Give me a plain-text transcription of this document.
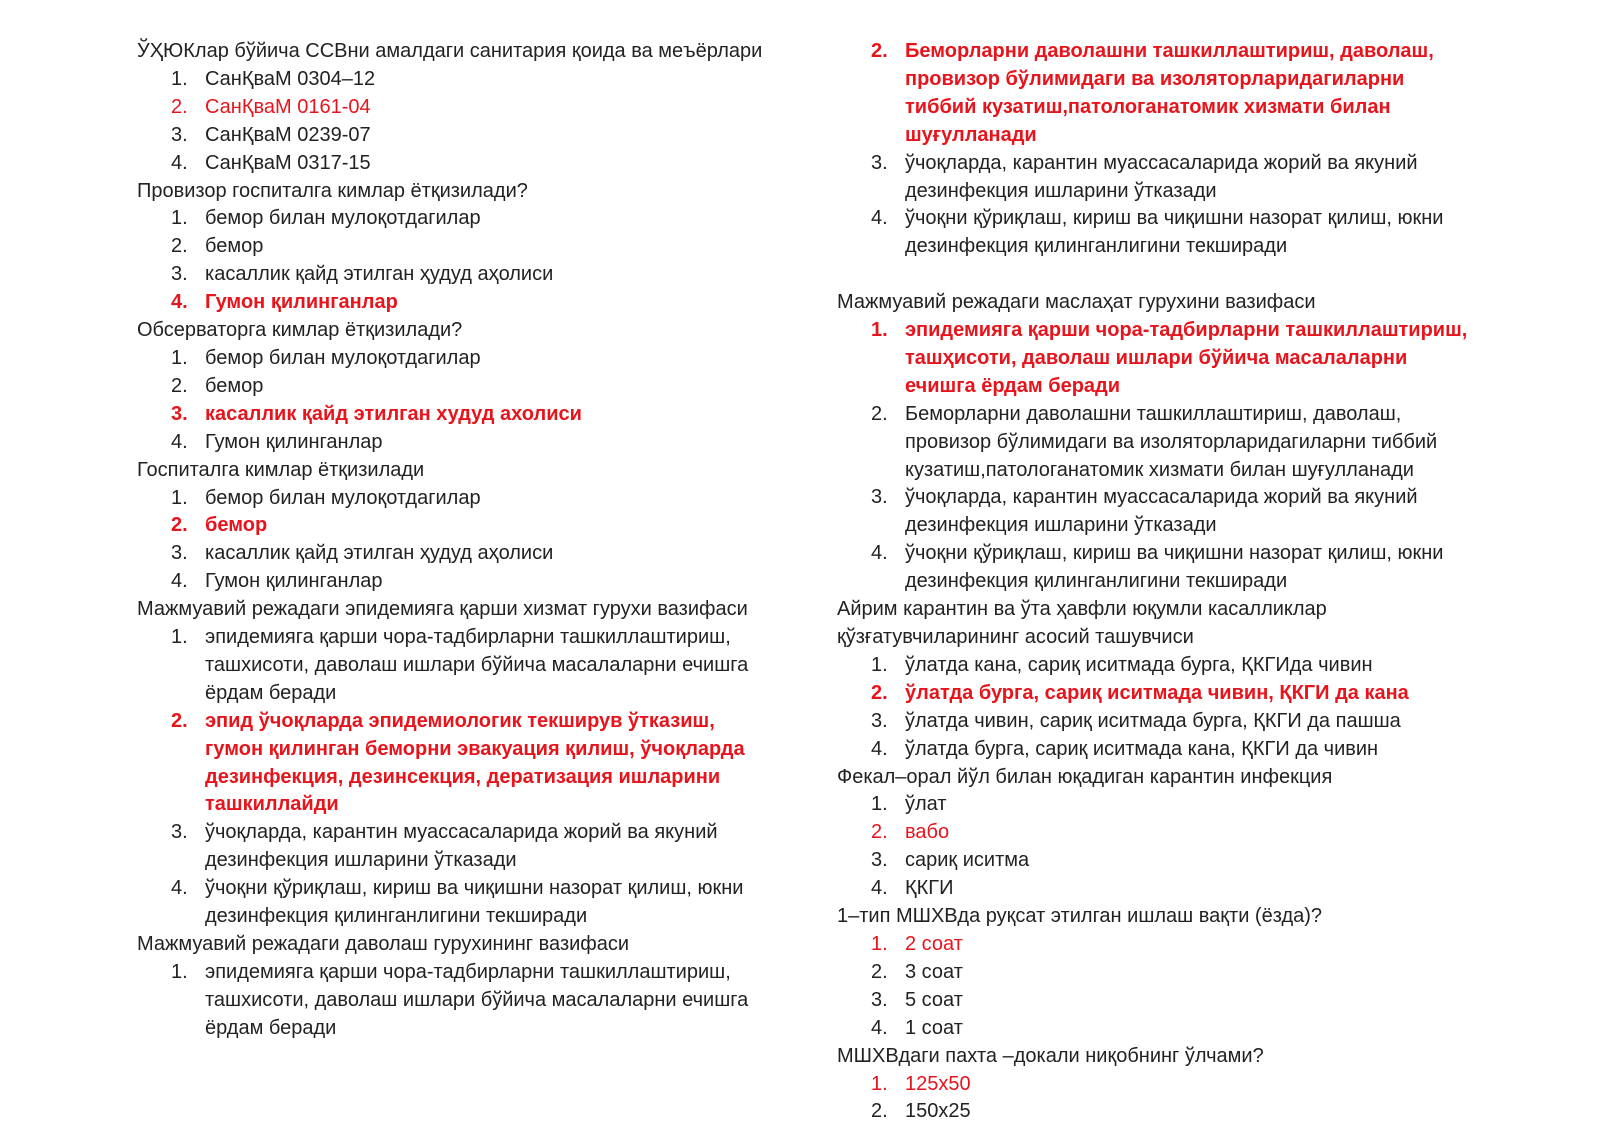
ЎҲЮКлар бўйича ССВни амалдаги санитария қоида ва меъёрлари

1. СанҚваМ 0304–12
2. СанҚваМ 0161-04
3. СанҚваМ 0239-07
4. СанҚваМ 0317-15

Провизор госпиталга кимлар ётқизилади?

1. бемор билан мулоқотдагилар
2. бемор
3. касаллик қайд этилган ҳудуд аҳолиси
4. Гумон қилинганлар

Обсерваторга кимлар ётқизилади?

1. бемор билан мулоқотдагилар
2. бемор
3. касаллик қайд этилган худуд ахолиси
4. Гумон қилинганлар

Госпиталга кимлар ётқизилади

1. бемор билан мулоқотдагилар
2. бемор
3. касаллик қайд этилган ҳудуд аҳолиси
4. Гумон қилинганлар

Мажмуавий режадаги эпидемияга қарши хизмат гурухи вазифаси

1. эпидемияга қарши чора-тадбирларни ташкиллаштириш, ташхисоти, даволаш ишлари бўйича масалаларни ечишга ёрдам беради
2. эпид ўчоқларда эпидемиологик текширув ўтказиш, гумон қилинган беморни эвакуация қилиш, ўчоқларда дезинфекция, дезинсекция, дератизация ишларини ташкиллайди
3. ўчоқларда, карантин муассасаларида жорий ва якуний дезинфекция ишларини ўтказади
4. ўчоқни қўриқлаш, кириш ва чиқишни назорат қилиш, юкни дезинфекция қилинганлигини текширади

Мажмуавий режадаги даволаш гурухининг вазифаси

1. эпидемияга қарши чора-тадбирларни ташкиллаштириш, ташхисоти, даволаш ишлари бўйича масалаларни ечишга ёрдам беради
2. Беморларни даволашни ташкиллаштириш, даволаш, провизор бўлимидаги ва изоляторларидагиларни тиббий кузатиш,патологанатомик хизмати билан шуғулланади
3. ўчоқларда, карантин муассасаларида жорий ва якуний дезинфекция ишларини ўтказади
4. ўчоқни қўриқлаш, кириш ва чиқишни назорат қилиш, юкни дезинфекция қилинганлигини текширади

Мажмуавий режадаги маслаҳат гурухини вазифаси

1. эпидемияга қарши чора-тадбирларни ташкиллаштириш, ташҳисоти, даволаш ишлари бўйича масалаларни ечишга ёрдам беради
2. Беморларни даволашни ташкиллаштириш, даволаш, провизор бўлимидаги ва изоляторларидагиларни тиббий кузатиш,патологанатомик хизмати билан шуғулланади
3. ўчоқларда, карантин муассасаларида жорий ва якуний дезинфекция ишларини ўтказади
4. ўчоқни қўриқлаш, кириш ва чиқишни назорат қилиш, юкни дезинфекция қилинганлигини текширади

Айрим карантин ва ўта ҳавфли юқумли касалликлар қўзғатувчиларининг асосий ташувчиси

1. ўлатда кана, сариқ иситмада бурга, ҚКГИда чивин
2. ўлатда бурга, сариқ иситмада чивин, ҚКГИ да кана
3. ўлатда чивин, сариқ иситмада бурга, ҚКГИ да пашша
4. ўлатда бурга, сариқ иситмада кана, ҚКГИ да чивин

Фекал–орал йўл билан юқадиган карантин инфекция

1. ўлат
2. вабо
3. сариқ иситма
4. ҚКГИ

1–тип МШХВда руқсат этилган ишлаш вақти (ёзда)?

1. 2 соат
2. 3 соат
3. 5 соат
4. 1 соат

МШХВдаги пахта –докали ниқобнинг ўлчами?

1. 125x50
2. 150x25
